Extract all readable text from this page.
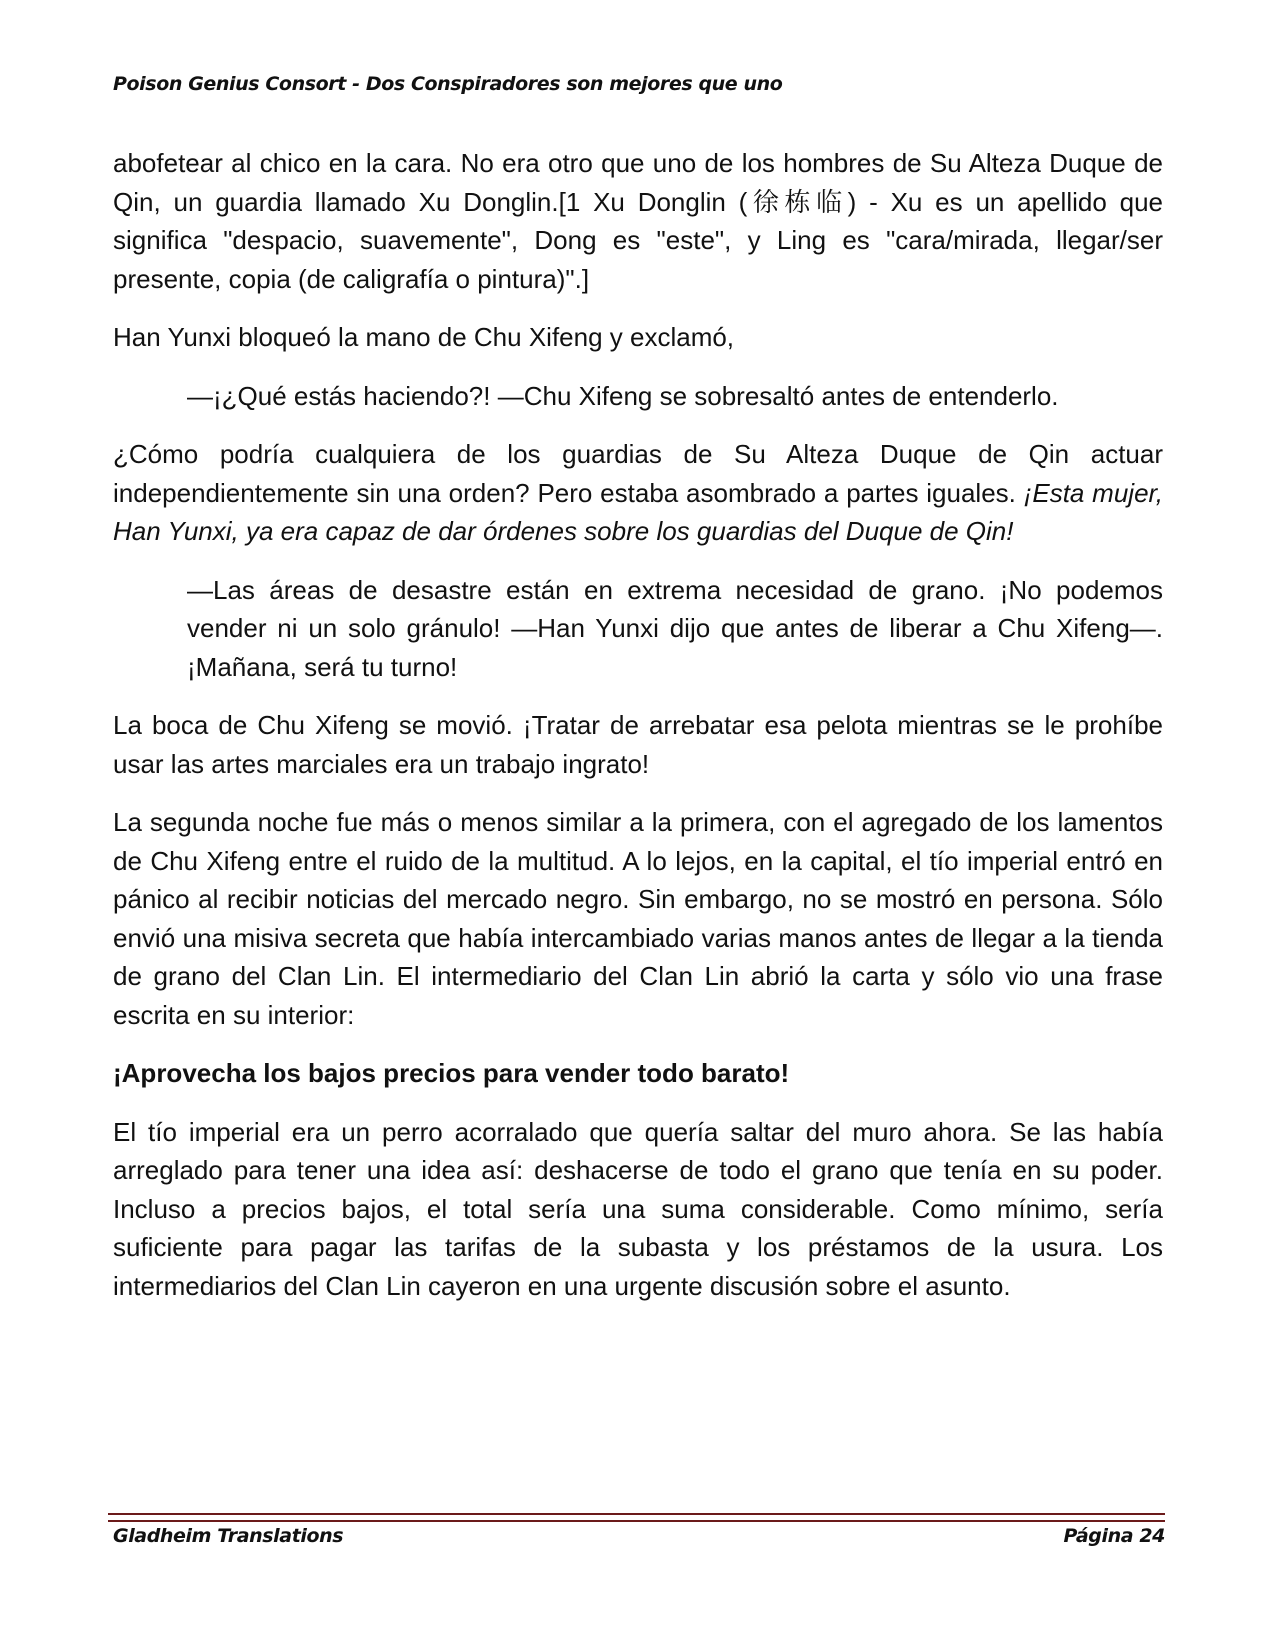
Poison Genius Consort - Dos Conspiradores son mejores que uno

abofetear al chico en la cara. No era otro que uno de los hombres de Su Alteza Duque de Qin, un guardia llamado Xu Donglin.[1 Xu Donglin (徐栋临) - Xu es un apellido que significa "despacio, suavemente", Dong es "este", y Ling es "cara/mirada, llegar/ser presente, copia (de caligrafía o pintura)".]

Han Yunxi bloqueó la mano de Chu Xifeng y exclamó,

—¡¿Qué estás haciendo?! —Chu Xifeng se sobresaltó antes de entenderlo.

¿Cómo podría cualquiera de los guardias de Su Alteza Duque de Qin actuar independientemente sin una orden? Pero estaba asombrado a partes iguales. ¡Esta mujer, Han Yunxi, ya era capaz de dar órdenes sobre los guardias del Duque de Qin!

—Las áreas de desastre están en extrema necesidad de grano. ¡No podemos vender ni un solo gránulo! —Han Yunxi dijo que antes de liberar a Chu Xifeng—. ¡Mañana, será tu turno!

La boca de Chu Xifeng se movió. ¡Tratar de arrebatar esa pelota mientras se le prohíbe usar las artes marciales era un trabajo ingrato!

La segunda noche fue más o menos similar a la primera, con el agregado de los lamentos de Chu Xifeng entre el ruido de la multitud. A lo lejos, en la capital, el tío imperial entró en pánico al recibir noticias del mercado negro. Sin embargo, no se mostró en persona. Sólo envió una misiva secreta que había intercambiado varias manos antes de llegar a la tienda de grano del Clan Lin. El intermediario del Clan Lin abrió la carta y sólo vio una frase escrita en su interior:

¡Aprovecha los bajos precios para vender todo barato!

El tío imperial era un perro acorralado que quería saltar del muro ahora. Se las había arreglado para tener una idea así: deshacerse de todo el grano que tenía en su poder. Incluso a precios bajos, el total sería una suma considerable. Como mínimo, sería suficiente para pagar las tarifas de la subasta y los préstamos de la usura. Los intermediarios del Clan Lin cayeron en una urgente discusión sobre el asunto.

Gladheim Translations	Página 24
